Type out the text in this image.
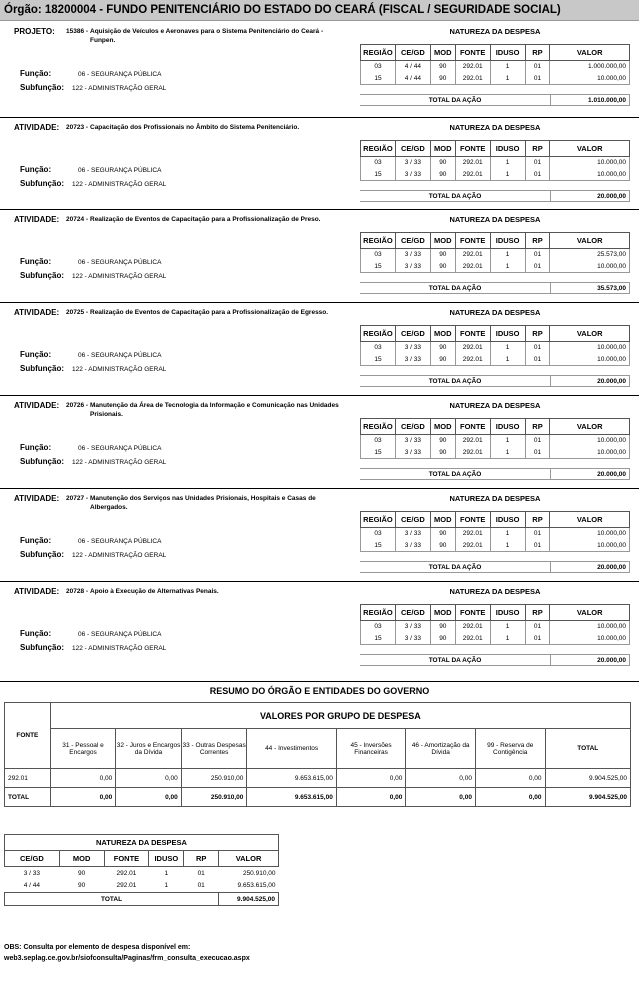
Órgão: 18200004 - FUNDO PENITENCIÁRIO DO ESTADO DO CEARÁ (FISCAL / SEGURIDADE SOCIAL)
PROJETO: 15386 - Aquisição de Veículos e Aeronaves para o Sistema Penitenciário do Ceará - Funpen.
Função:	06 - SEGURANÇA PÚBLICA
Subfunção: 122 - ADMINISTRAÇÃO GERAL
NATUREZA DA DESPESA
REGIÃO	CE/GD	MOD	FONTE	IDUSO	RP	VALOR
03	4 / 44	90	292.01	1	01	1.000.000,00
15	4 / 44	90	292.01	1	01	10.000,00
TOTAL DA AÇÃO	1.010.000,00
ATIVIDADE: 20723 - Capacitação dos Profissionais no Âmbito do Sistema Penitenciário.
Função:	06 - SEGURANÇA PÚBLICA
Subfunção: 122 - ADMINISTRAÇÃO GERAL
NATUREZA DA DESPESA
REGIÃO	CE/GD	MOD	FONTE	IDUSO	RP	VALOR
03	3 / 33	90	292.01	1	01	10.000,00
15	3 / 33	90	292.01	1	01	10.000,00
TOTAL DA AÇÃO	20.000,00
ATIVIDADE: 20724 - Realização de Eventos de Capacitação para a Profissionalização de Preso.
Função:	06 - SEGURANÇA PÚBLICA
Subfunção: 122 - ADMINISTRAÇÃO GERAL
NATUREZA DA DESPESA
REGIÃO	CE/GD	MOD	FONTE	IDUSO	RP	VALOR
03	3 / 33	90	292.01	1	01	25.573,00
15	3 / 33	90	292.01	1	01	10.000,00
TOTAL DA AÇÃO	35.573,00
ATIVIDADE: 20725 - Realização de Eventos de Capacitação para a Profissionalização de Egresso.
Função:	06 - SEGURANÇA PÚBLICA
Subfunção: 122 - ADMINISTRAÇÃO GERAL
NATUREZA DA DESPESA
REGIÃO	CE/GD	MOD	FONTE	IDUSO	RP	VALOR
03	3 / 33	90	292.01	1	01	10.000,00
15	3 / 33	90	292.01	1	01	10.000,00
TOTAL DA AÇÃO	20.000,00
ATIVIDADE: 20726 - Manutenção da Área de Tecnologia da Informação e Comunicação nas Unidades Prisionais.
Função:	06 - SEGURANÇA PÚBLICA
Subfunção: 122 - ADMINISTRAÇÃO GERAL
NATUREZA DA DESPESA
REGIÃO	CE/GD	MOD	FONTE	IDUSO	RP	VALOR
03	3 / 33	90	292.01	1	01	10.000,00
15	3 / 33	90	292.01	1	01	10.000,00
TOTAL DA AÇÃO	20.000,00
ATIVIDADE: 20727 - Manutenção dos Serviços nas Unidades Prisionais, Hospitais e Casas de Albergados.
Função:	06 - SEGURANÇA PÚBLICA
Subfunção: 122 - ADMINISTRAÇÃO GERAL
NATUREZA DA DESPESA
REGIÃO	CE/GD	MOD	FONTE	IDUSO	RP	VALOR
03	3 / 33	90	292.01	1	01	10.000,00
15	3 / 33	90	292.01	1	01	10.000,00
TOTAL DA AÇÃO	20.000,00
ATIVIDADE: 20728 - Apoio à Execução de Alternativas Penais.
Função:	06 - SEGURANÇA PÚBLICA
Subfunção: 122 - ADMINISTRAÇÃO GERAL
NATUREZA DA DESPESA
REGIÃO	CE/GD	MOD	FONTE	IDUSO	RP	VALOR
03	3 / 33	90	292.01	1	01	10.000,00
15	3 / 33	90	292.01	1	01	10.000,00
TOTAL DA AÇÃO	20.000,00
RESUMO DO ÓRGÃO E ENTIDADES DO GOVERNO
FONTE	VALORES POR GRUPO DE DESPESA							
	31 - Pessoal e Encargos	32 - Juros e Encargos da Dívida	33 - Outras Despesas Correntes	44 - Investimentos	45 - Inversões Financeiras	46 - Amortização da Dívida	99 - Reserva de Contigência	TOTAL
292.01	0,00	0,00	250.910,00	9.653.615,00	0,00	0,00	0,00	9.904.525,00
TOTAL	0,00	0,00	250.910,00	9.653.615,00	0,00	0,00	0,00	9.904.525,00
NATUREZA DA DESPESA					
CE/GD	MOD	FONTE	IDUSO	RP	VALOR
3 / 33	90	292.01	1	01	250.910,00
4 / 44	90	292.01	1	01	9.653.615,00
TOTAL					9.904.525,00
OBS: Consulta por elemento de despesa disponível em:
web3.seplag.ce.gov.br/siofconsulta/Paginas/frm_consulta_execucao.aspx
